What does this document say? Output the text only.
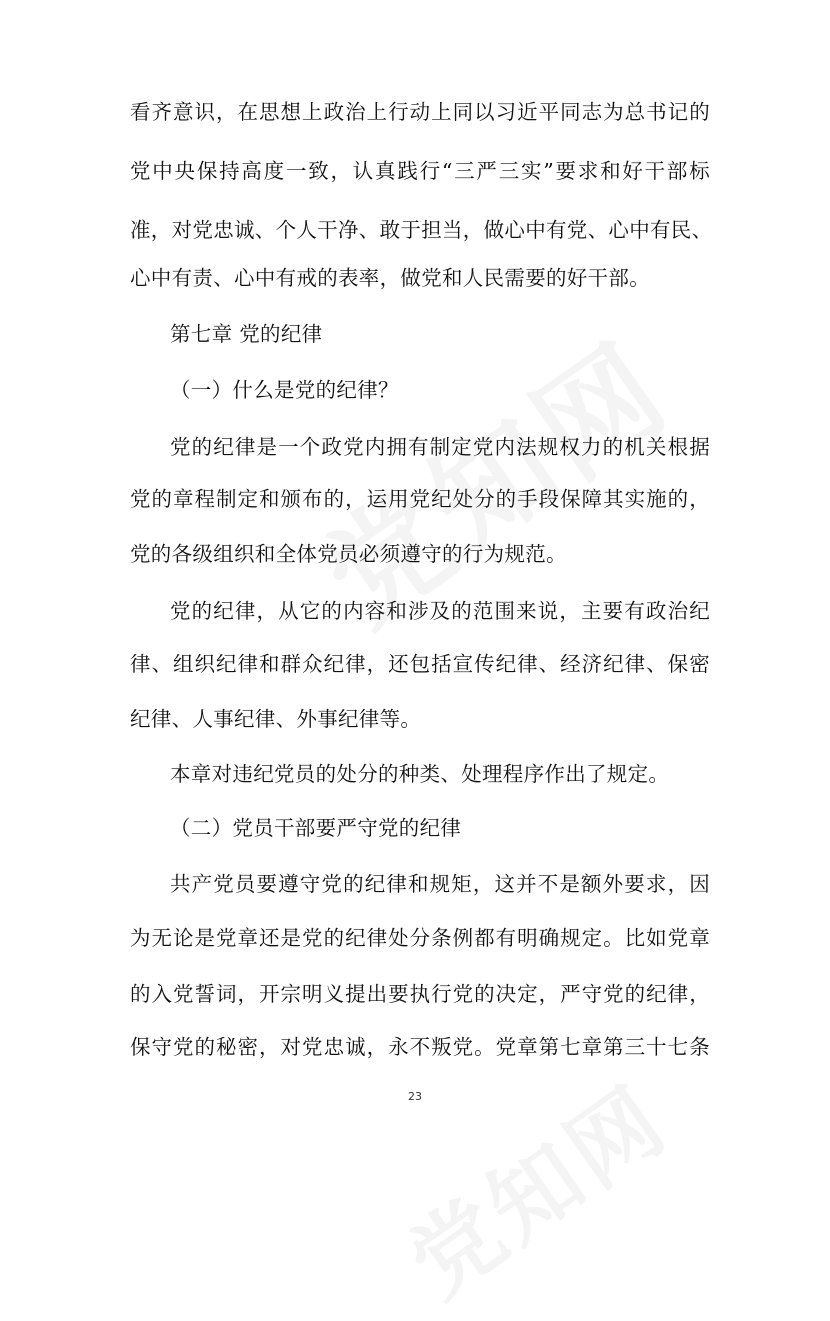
看齐意识，在思想上政治上行动上同以习近平同志为总书记的
党中央保持高度一致，认真践行“三严三实”要求和好干部标
准，对党忠诚、个人干净、敢于担当，做心中有党、心中有民、
心中有责、心中有戒的表率，做党和人民需要的好干部。
第七章 党的纪律
（一）什么是党的纪律？
党的纪律是一个政党内拥有制定党内法规权力的机关根据
党的章程制定和颁布的，运用党纪处分的手段保障其实施的，
党的各级组织和全体党员必须遵守的行为规范。
党的纪律，从它的内容和涉及的范围来说，主要有政治纪
律、组织纪律和群众纪律，还包括宣传纪律、经济纪律、保密
纪律、人事纪律、外事纪律等。
本章对违纪党员的处分的种类、处理程序作出了规定。
（二）党员干部要严守党的纪律
共产党员要遵守党的纪律和规矩，这并不是额外要求，因
为无论是党章还是党的纪律处分条例都有明确规定。比如党章
的入党誓词，开宗明义提出要执行党的决定，严守党的纪律，
保守党的秘密，对党忠诚，永不叛党。党章第七章第三十七条
23
